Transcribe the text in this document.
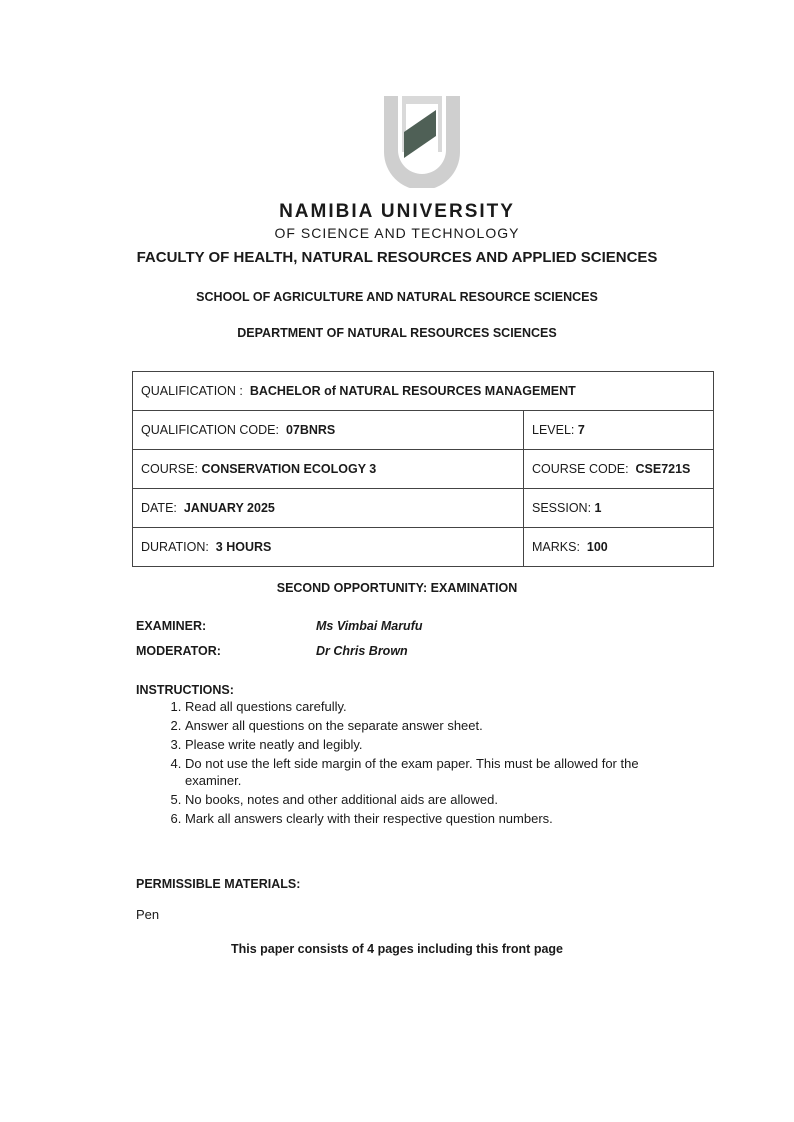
NAMIBIA UNIVERSITY
OF SCIENCE AND TECHNOLOGY
FACULTY OF HEALTH, NATURAL RESOURCES AND APPLIED SCIENCES
SCHOOL OF AGRICULTURE AND NATURAL RESOURCE SCIENCES
DEPARTMENT OF NATURAL RESOURCES SCIENCES
QUALIFICATION : BACHELOR of NATURAL RESOURCES MANAGEMENT	
QUALIFICATION CODE: 07BNRS	LEVEL: 7
COURSE: CONSERVATION ECOLOGY 3	COURSE CODE: CSE721S
DATE: JANUARY 2025	SESSION: 1
DURATION: 3 HOURS	MARKS: 100
SECOND OPPORTUNITY: EXAMINATION
EXAMINER:	Ms Vimbai Marufu
MODERATOR:	Dr Chris Brown
INSTRUCTIONS:
1. Read all questions carefully.
2. Answer all questions on the separate answer sheet.
3. Please write neatly and legibly.
4. Do not use the left side margin of the exam paper. This must be allowed for the examiner.
5. No books, notes and other additional aids are allowed.
6. Mark all answers clearly with their respective question numbers.
PERMISSIBLE MATERIALS:
Pen
This paper consists of 4 pages including this front page
